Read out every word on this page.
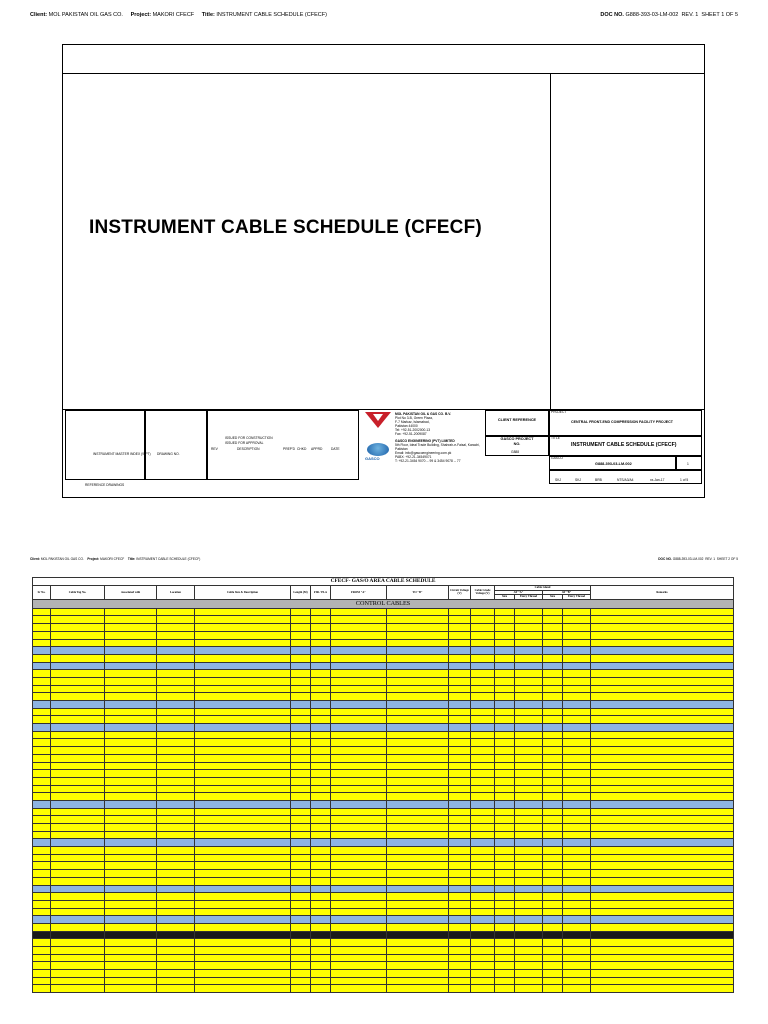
Client: MOL PAKISTAN OIL GAS CO. Project: MAKORI CFECF Title: INSTRUMENT CABLE SCHEDULE (CFECF)	DOC NO. G888-393-03-LM-002 REV. 1 SHEET 1 OF 5
INSTRUMENT CABLE SCHEDULE (CFECF)
INSTRUMENT MASTER INDEX (WPT)
REFERENCE DRAWINGS
DRAWING NO.
ISSUED FOR CONSTRUCTION
ISSUED FOR APPROVAL
REV	DESCRIPTION	PREP'D CHKD APPRD	DATE
MOL PAKISTAN OIL & GAS CO. B.V.
Plot No 3-B, Green Plaza,
F-7 Markaz, Islamabad,
Pakistan 44000
Tel: +92-51-2002000-13
Fax: +92-51-2009087
GASCO
GASCO ENGINEERING (PVT) LIMITED
5th Floor, Ideal Trade Building, Shahrah-e-Faisal, Karachi,
Pakistan
Email: info@gascoengineering.com.pk
PABX: +92-21-34549071
T: +92-21-3454 9070 -- 99 & 3454 9078 -- 77
CLIENT REFERENCE
GASCO PROJECT NO.
G888
PROJECT
CENTRAL FRONT-END COMPRESSION FACILITY PROJECT
TITLE
INSTRUMENT CABLE SCHEDULE (CFECF)
GASCO
G888-393-03-LM-002	1
SKJ	SKJ	BRB	NTS/A3/A4	xx-Jan-17	1 of 5
Client: MOL PAKISTAN OIL GAS CO. Project: MAKORI CFECF Title: INSTRUMENT CABLE SCHEDULE (CFECF)	DOC NO. G888-393-03-LM-002 REV. 1 SHEET 2 OF 5
CFECF- GAS/O AREA CABLE SCHEDULE															
Sr No.	Cable Tag No.	Associated with	Location	Cable Size & Description	Length (M)	FIR / PLA	FROM "A"	TO "B"	Circuit Voltage (V)	Cable Grade Voltage (V)	Cable Gland				Remarks
											AT "A"		AT "B"		
											Size	Entry Thread	Size	Entry Thread	
CONTROL CABLES															
